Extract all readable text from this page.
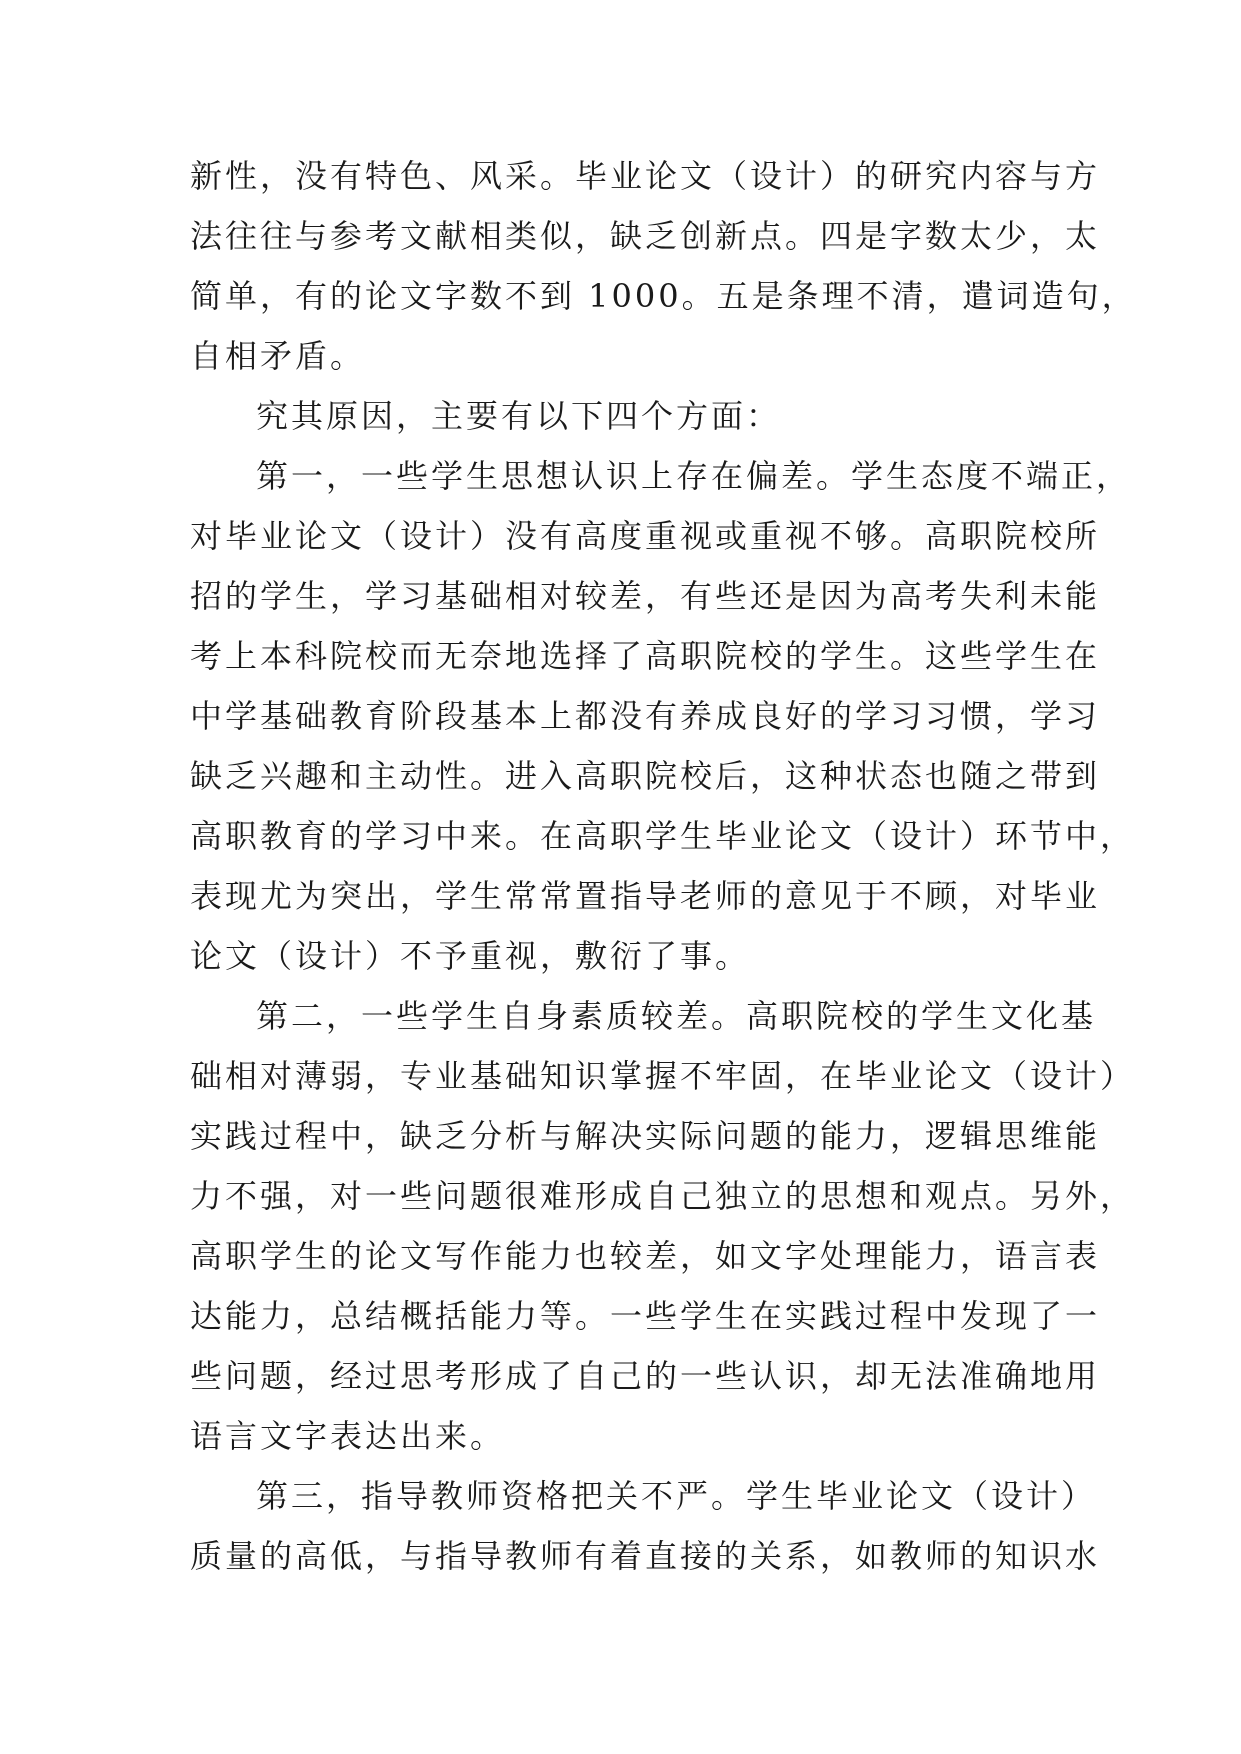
新性，没有特色、风采。毕业论文（设计）的研究内容与方
法往往与参考文献相类似，缺乏创新点。四是字数太少，太
简单，有的论文字数不到 1000。五是条理不清，遣词造句，
自相矛盾。
究其原因，主要有以下四个方面：
第一，一些学生思想认识上存在偏差。学生态度不端正，
对毕业论文（设计）没有高度重视或重视不够。高职院校所
招的学生，学习基础相对较差，有些还是因为高考失利未能
考上本科院校而无奈地选择了高职院校的学生。这些学生在
中学基础教育阶段基本上都没有养成良好的学习习惯，学习
缺乏兴趣和主动性。进入高职院校后，这种状态也随之带到
高职教育的学习中来。在高职学生毕业论文（设计）环节中，
表现尤为突出，学生常常置指导老师的意见于不顾，对毕业
论文（设计）不予重视，敷衍了事。
第二，一些学生自身素质较差。高职院校的学生文化基
础相对薄弱，专业基础知识掌握不牢固，在毕业论文（设计）
实践过程中，缺乏分析与解决实际问题的能力，逻辑思维能
力不强，对一些问题很难形成自己独立的思想和观点。另外，
高职学生的论文写作能力也较差，如文字处理能力，语言表
达能力，总结概括能力等。一些学生在实践过程中发现了一
些问题，经过思考形成了自己的一些认识，却无法准确地用
语言文字表达出来。
第三，指导教师资格把关不严。学生毕业论文（设计）
质量的高低，与指导教师有着直接的关系，如教师的知识水
